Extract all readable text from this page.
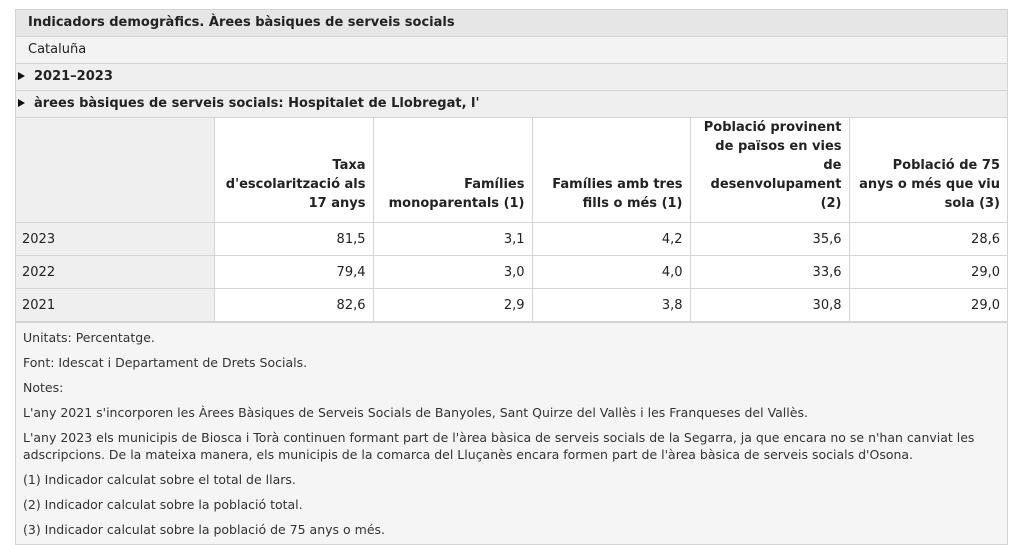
Indicadors demogràfics. Àrees bàsiques de serveis socials
Cataluña
2021–2023
àrees bàsiques de serveis socials: Hospitalet de Llobregat, l'
	Taxa d'escolarització als 17 anys	Famílies monoparentals (1)	Famílies amb tres fills o més (1)	Població provinent de països en vies de desenvolupament (2)	Població de 75 anys o més que viu sola (3)
2023	81,5	3,1	4,2	35,6	28,6
2022	79,4	3,0	4,0	33,6	29,0
2021	82,6	2,9	3,8	30,8	29,0

Unitats: Percentatge.

Font: Idescat i Departament de Drets Socials.

Notes:

L'any 2021 s'incorporen les Àrees Bàsiques de Serveis Socials de Banyoles, Sant Quirze del Vallès i les Franqueses del Vallès.

L'any 2023 els municipis de Biosca i Torà continuen formant part de l'àrea bàsica de serveis socials de la Segarra, ja que encara no se n'han canviat les adscripcions. De la mateixa manera, els municipis de la comarca del Lluçanès encara formen part de l'àrea bàsica de serveis socials d'Osona.

(1) Indicador calculat sobre el total de llars.

(2) Indicador calculat sobre la població total.

(3) Indicador calculat sobre la població de 75 anys o més.
